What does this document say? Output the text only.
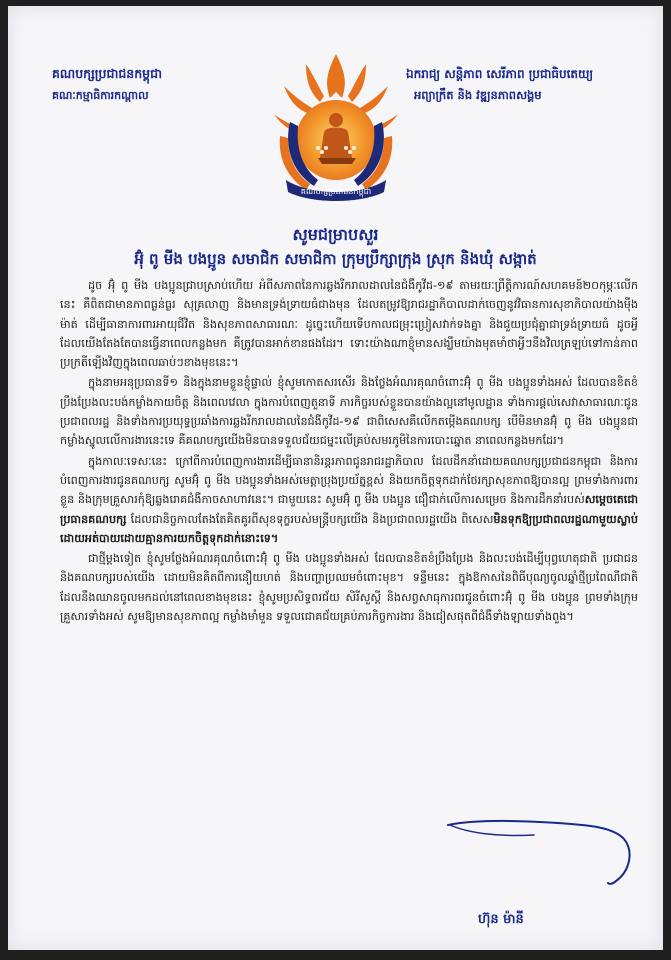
គណបក្សប្រជាជនកម្ពុជា
គណៈកម្មាធិការកណ្តាល
គណបក្សប្រជាជនកម្ពុជា
ឯករាជ្យ សន្តិភាព សេរីភាព ប្រជាធិបតេយ្យ
អព្យាក្រឹត និង វឌ្ឍនភាពសង្គម
សូមជម្រាបសួរ
អ៊ុំ ពូ មីង បងប្អូន សមាជិក សមាជិកា ក្រុមប្រឹក្សាក្រុង ស្រុក និងឃុំ សង្កាត់

ដូច អ៊ុំ ពូ មីង បងប្អូនជ្រាបស្រាប់ហើយ អំពីសភាពនៃការឆ្លងរីករាលដាលនៃជំងឺកូវីដ-១៩ តាមរយៈព្រឹត្តិការណ៍សហគមន៍២០កុម្ភៈលើកនេះ គឺពិតជាមានភាពធ្ងន់ធ្ងរ សុគ្រលាញ និងមានទ្រង់ទ្រាយធំជាងមុន ដែលតម្រូវឱ្យរាជរដ្ឋាភិបាលដាក់ចេញនូវវិធានការសុខាភិបាលយ៉ាងម៉ឺងម៉ាត់ ដើម្បីធានាការពារអាយុជីវិត និងសុខភាពសាធារណៈ ដូច្នេះហើយទើបកាលជម្រុះប្រៀសវាក់ទងគ្នា និងជួយប្រជុំគ្នាជាទ្រង់ទ្រាយធំ ដូចអ្វីដែលយើងតែងតែបានធ្វើនាពេលកន្លងមក គឺត្រូវបានអាក់ខានផងដែរ។ ទោះយ៉ាងណាខ្ញុំមានសង្ឃឹមយ៉ាងមុតមាំថាអ្វីៗនឹងវិលត្រឡប់ទៅកាន់ភាពប្រក្រតីឡើងវិញក្នុងពេលឆាប់ៗខាងមុខនេះ។

ក្នុងនាមអនុប្រធានទី១ និងក្នុងនាមខ្លួនខ្ញុំផ្ទាល់ ខ្ញុំសូមកោតសរសើរ និងថ្លែងអំណរគុណចំពោះអ៊ុំ ពូ មីង បងប្អូនទាំងអស់ ដែលបានខិតខំប្រឹងប្រែងលះបង់កម្លាំងកាយចិត្ត និងពេលវេលា ក្នុងការបំពេញតួនាទី ភារកិច្ចរបស់ខ្លួនបានយ៉ាងល្អនៅមូលដ្ឋាន ទាំងការផ្តល់សេវាសាធារណៈជូនប្រជាពលរដ្ឋ និងទាំងការប្រយុទ្ធប្រឆាំងការឆ្លងរីករាលដាលនៃជំងឺកូវីដ-១៩ ជាពិសេសគឺលើកតម្កើងគណបក្ស បើមិនមានអ៊ុំ ពូ មីង បងប្អូនជាកម្លាំងស្នូលលើការងារនេះទេ គឺគណបក្សយើងមិនបានទទួលជ័យជម្នះលើគ្រប់សមរភូមិនៃការបោះឆ្នោត នាពេលកន្លងមកដែរ។

ក្នុងកាលៈទេសៈនេះ ក្រៅពីការបំពេញការងារដើម្បីធានានិរន្តរភាពជូនរាជរដ្ឋាភិបាល ដែលដឹកនាំដោយគណបក្សប្រជាជនកម្ពុជា និងការបំពេញការងារជូនគណបក្ស សូមអ៊ុំ ពូ មីង បងប្អូនទាំងអស់មេត្តាប្រុងប្រយ័ត្នខ្ពស់ និងយកចិត្តទុកដាក់ថែរក្សាសុខភាពឱ្យបានល្អ ព្រមទាំងការពារខ្លួន និងក្រុមគ្រួសារកុំឱ្យឆ្លងរោគជំងឺកាចសាហាវនេះ។ ជាមួយនេះ សូមអ៊ុំ ពូ មីង បងប្អូន ជឿជាក់លើការសម្រេច និងការដឹកនាំរបស់សម្តេចតេជោប្រធានគណបក្ស ដែលជានិច្ចកាលតែងតែគិតគូរពីសុខទុក្ខរបស់មន្ត្រីបក្សយើង និងប្រជាពលរដ្ឋយើង ពិសេសមិនទុកឱ្យប្រជាពលរដ្ឋណាមួយស្លាប់ដោយអត់បាយដោយគ្មានការយកចិត្តទុកដាក់នោះទេ។

ជាថ្មីម្តងទៀត ខ្ញុំសូមថ្លែងអំណរគុណចំពោះអ៊ុំ ពូ មីង បងប្អូនទាំងអស់ ដែលបានខិតខំប្រឹងប្រែង និងលះបង់ដើម្បីបុព្វហេតុជាតិ ប្រជាជន និងគណបក្សរបស់យើង ដោយមិនគិតពីការនឿយហត់ និងបញ្ហាប្រឈមចំពោះមុខ។ ទន្ទឹមនេះ ក្នុងឱកាសនៃពិធីបុណ្យចូលឆ្នាំថ្មីប្រពៃណីជាតិ ដែលនឹងឈានចូលមកដល់នៅពេលខាងមុខនេះ ខ្ញុំសូមប្រសិទ្ធពរជ័យ សិរីសួស្តី និងសព្វសាធុការពរជូនចំពោះអ៊ុំ ពូ មីង បងប្អូន ព្រមទាំងក្រុមគ្រួសារទាំងអស់ សូមឱ្យមានសុខភាពល្អ កម្លាំងមាំមួន ទទួលជោគជ័យគ្រប់ភារកិច្ចការងារ និងជៀសផុតពីជំងឺទាំងឡាយទាំងពួង។

ហ៊ុន ម៉ានី
